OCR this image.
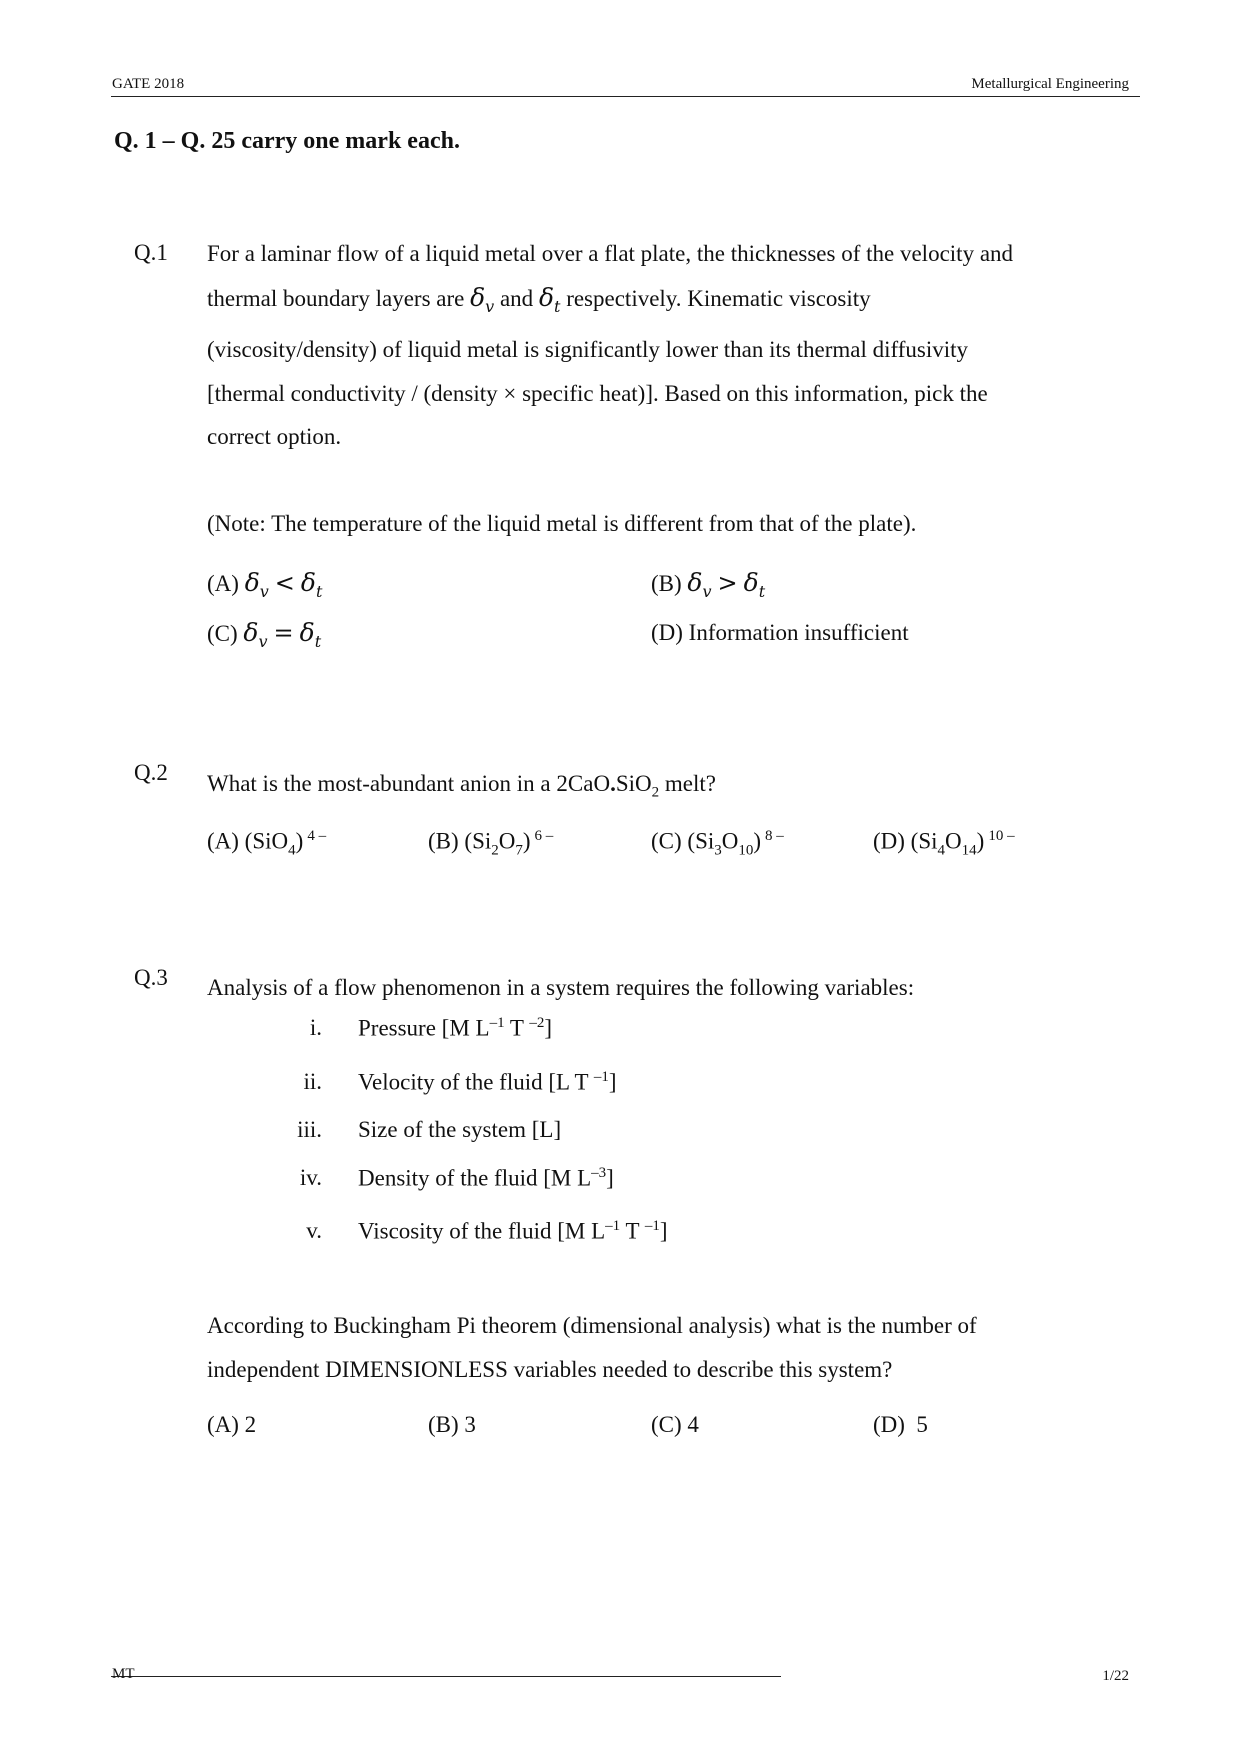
GATE 2018	Metallurgical Engineering
Q. 1 – Q. 25 carry one mark each.
Q.1 For a laminar flow of a liquid metal over a flat plate, the thicknesses of the velocity and
thermal boundary layers are $\delta_v$ and $\delta_t$ respectively. Kinematic viscosity
(viscosity/density) of liquid metal is significantly lower than its thermal diffusivity
[thermal conductivity / (density × specific heat)]. Based on this information, pick the
correct option.
(Note: The temperature of the liquid metal is different from that of the plate).
(A) $\delta_v < \delta_t$	(B) $\delta_v > \delta_t$
(C) $\delta_v = \delta_t$	(D) Information insufficient
Q.2 What is the most-abundant anion in a 2CaO.SiO$_2$ melt?
(A) (SiO$_4$) $^{4 -}$	(B) $(Si_2O_7)$ $^{6 -}$	(C) $(Si_3O_{10})$ $^{8 -}$	(D) $(Si_4O_{14})$ $^{10 -}$
Q.3 Analysis of a flow phenomenon in a system requires the following variables:
i. Pressure [M $L^{-1}$ T $^{-2}$]
ii. Velocity of the fluid [L T $^{-1}$]
iii. Size of the system [L]
iv. Density of the fluid [M $L^{-3}$]
v. Viscosity of the fluid [M $L^{-1}$ T $^{-1}$]
According to Buckingham Pi theorem (dimensional analysis) what is the number of
independent DIMENSIONLESS variables needed to describe this system?
(A) 2	(B) 3	(C) 4	(D)  5
MT	1/22
